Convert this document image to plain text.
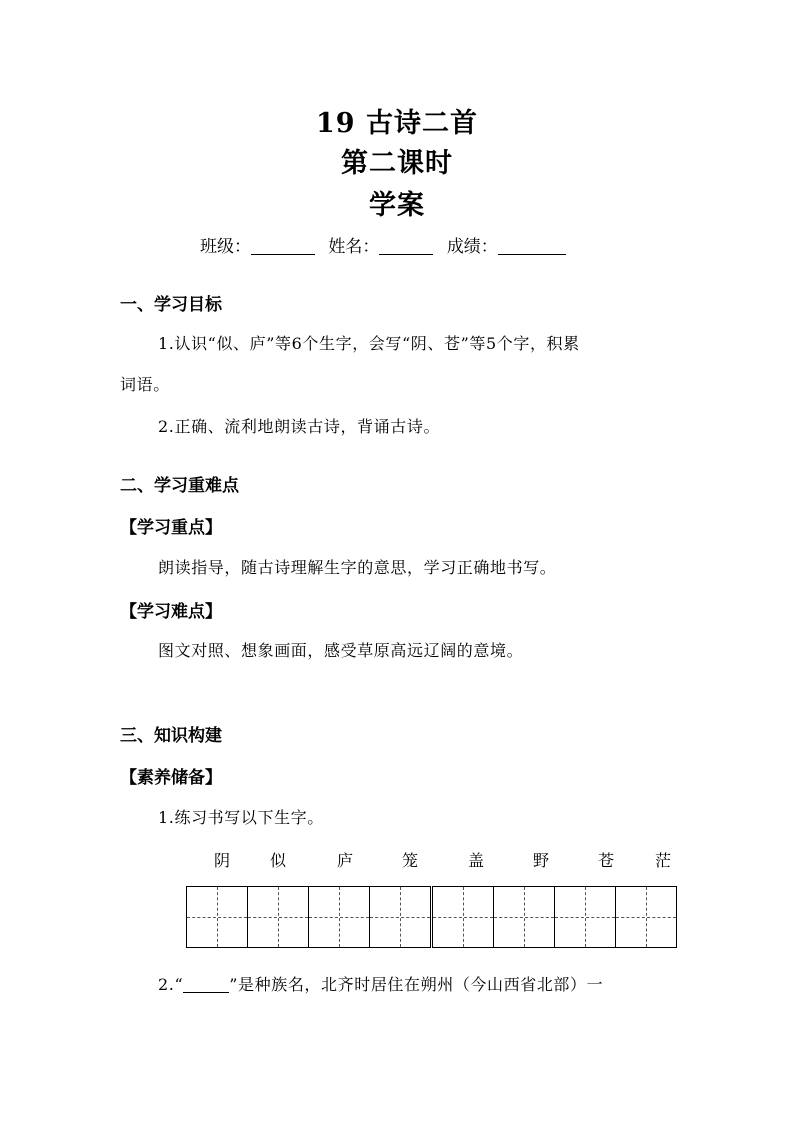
19 古诗二首
第二课时
学案
班级：	姓名：	成绩：
一、学习目标
1.认识“似、庐”等6个生字，会写“阴、苍”等5个字，积累
词语。
2.正确、流利地朗读古诗，背诵古诗。
二、学习重难点
【学习重点】
朗读指导，随古诗理解生字的意思，学习正确地书写。
【学习难点】
图文对照、想象画面，感受草原高远辽阔的意境。
三、知识构建
【素养储备】
1.练习书写以下生字。
阴 似	庐	笼	盖	野	苍	茫
2.“	”是种族名，北齐时居住在朔州（今山西省北部）一
